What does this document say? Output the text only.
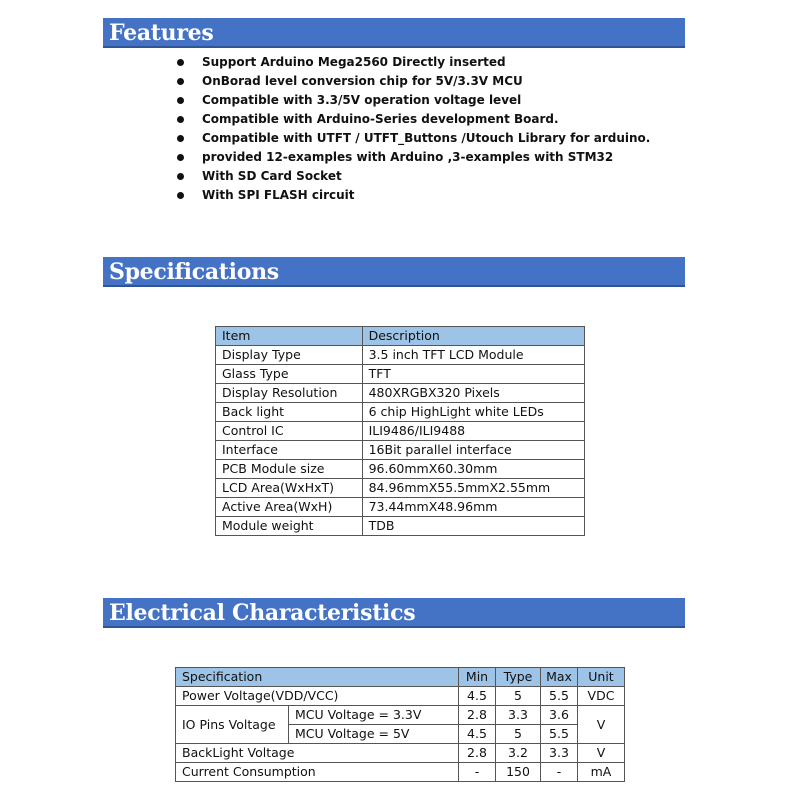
Features
Support Arduino Mega2560 Directly inserted
OnBorad level conversion chip for 5V/3.3V MCU
Compatible with 3.3/5V operation voltage level
Compatible with Arduino-Series development Board.
Compatible with UTFT / UTFT_Buttons /Utouch Library for arduino.
provided 12-examples with Arduino ,3-examples with STM32
With SD Card Socket
With SPI FLASH circuit
Specifications
Item	Description
Display Type	3.5 inch TFT LCD Module
Glass Type	TFT
Display Resolution	480XRGBX320 Pixels
Back light	6 chip HighLight white LEDs
Control IC	ILI9486/ILI9488
Interface	16Bit parallel interface
PCB Module size	96.60mmX60.30mm
LCD Area(WxHxT)	84.96mmX55.5mmX2.55mm
Active Area(WxH)	73.44mmX48.96mm
Module weight	TDB
Electrical Characteristics
Specification		Min	Type	Max	Unit
Power Voltage(VDD/VCC)		4.5	5	5.5	VDC
IO Pins Voltage	MCU Voltage = 3.3V	2.8	3.3	3.6	V
	MCU Voltage = 5V	4.5	5	5.5	
BackLight Voltage		2.8	3.2	3.3	V
Current Consumption		-	150	-	mA
